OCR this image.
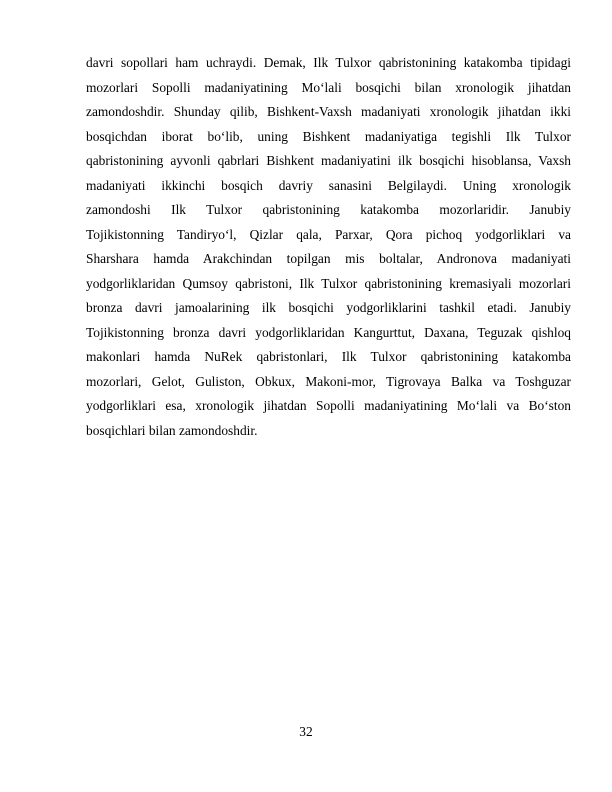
davri sopollari ham uchraydi. Demak, Ilk Tulxor qabristonining katakomba tipidagi
mozorlari Sopolli madaniyatining Mo‘lali bosqichi bilan xronologik jihatdan
zamondoshdir. Shunday qilib, Bishkent-Vaxsh madaniyati xronologik jihatdan ikki
bosqichdan iborat bo‘lib, uning Bishkent madaniyatiga tegishli Ilk Tulxor
qabristonining ayvonli qabrlari Bishkent madaniyatini ilk bosqichi hisoblansa, Vaxsh
madaniyati ikkinchi bosqich davriy sanasini Belgilaydi. Uning xronologik
zamondoshi Ilk Tulxor qabristonining katakomba mozorlaridir. Janubiy
Tojikistonning Tandiryo‘l, Qizlar qala, Parxar, Qora pichoq yodgorliklari va
Sharshara hamda Arakchindan topilgan mis boltalar, Andronova madaniyati
yodgorliklaridan Qumsoy qabristoni, Ilk Tulxor qabristonining kremasiyali mozorlari
bronza davri jamoalarining ilk bosqichi yodgorliklarini tashkil etadi. Janubiy
Tojikistonning bronza davri yodgorliklaridan Kangurttut, Daxana, Teguzak qishloq
makonlari hamda NuRek qabristonlari, Ilk Tulxor qabristonining katakomba
mozorlari, Gelot, Guliston, Obkux, Makoni-mor, Tigrovaya Balka va Toshguzar
yodgorliklari esa, xronologik jihatdan Sopolli madaniyatining Mo‘lali va Bo‘ston
bosqichlari bilan zamondoshdir.
32
